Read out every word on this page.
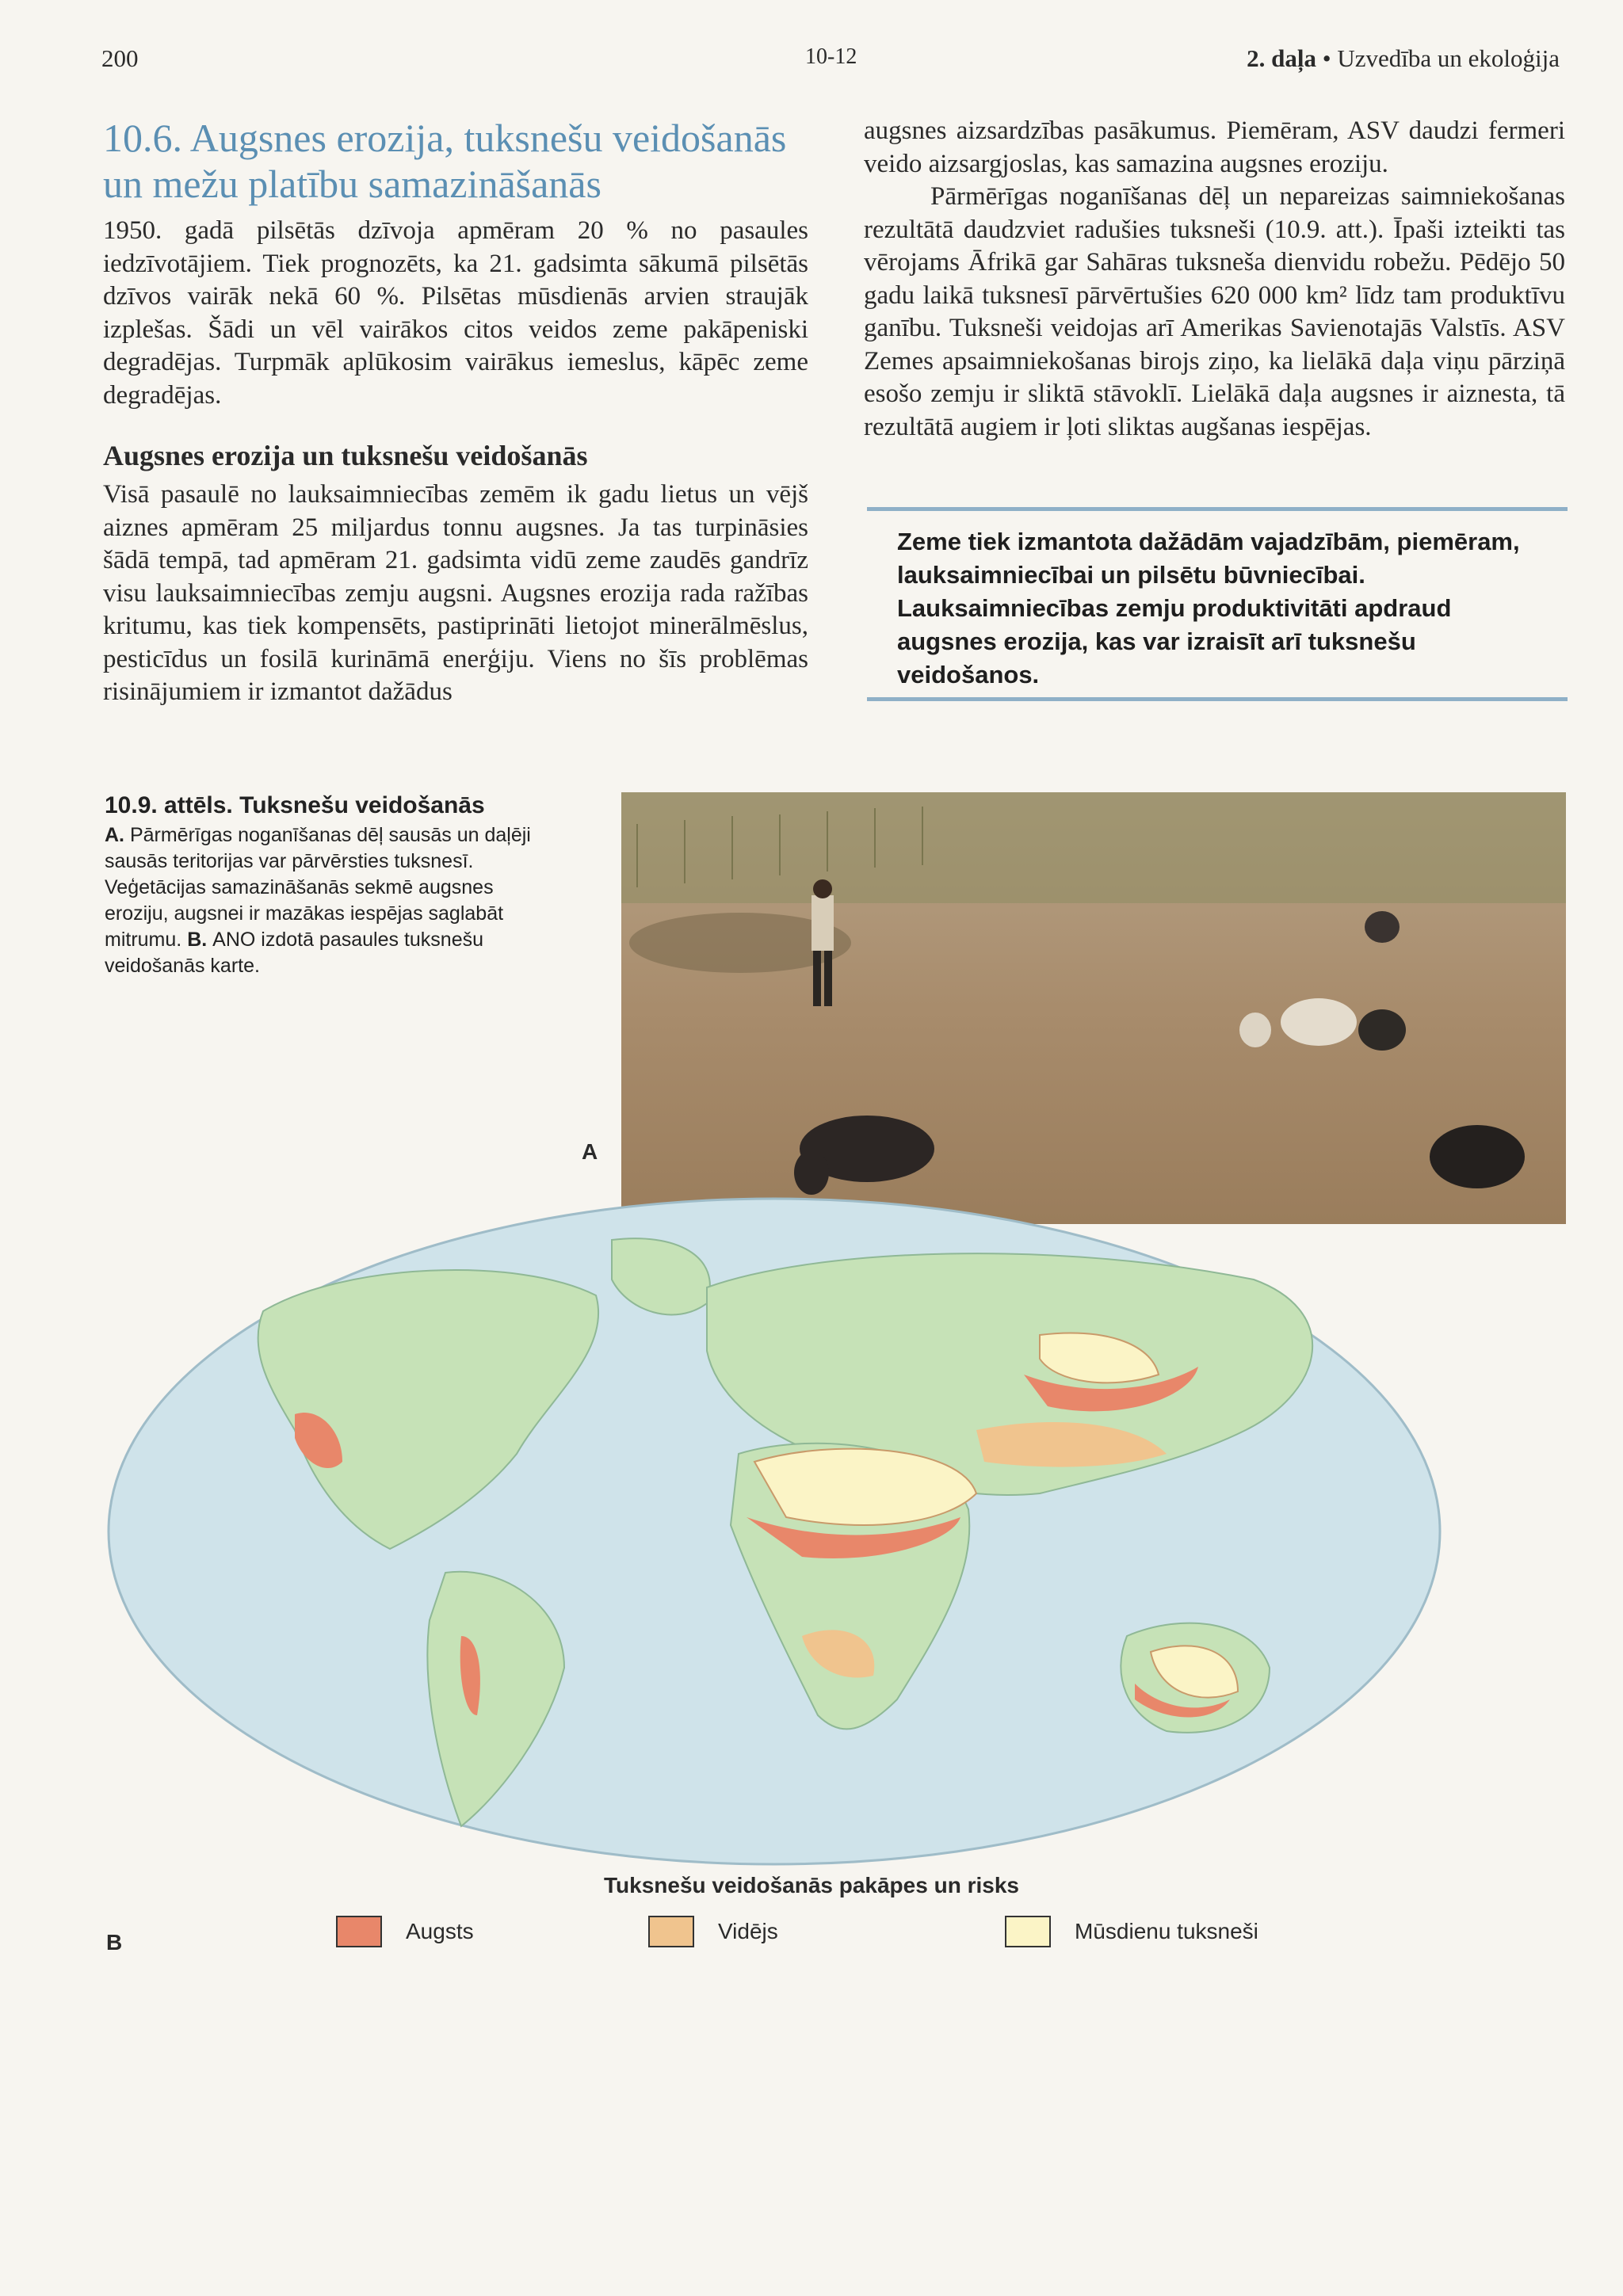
200	10-12	2. daļa • Uzvedība un ekoloģija
10.6. Augsnes erozija, tuksnešu veidošanās un mežu platību samazināšanās

1950. gadā pilsētās dzīvoja apmēram 20 % no pasaules iedzīvotājiem. Tiek prognozēts, ka 21. gadsimta sākumā pilsētās dzīvos vairāk nekā 60 %. Pilsētas mūsdienās arvien straujāk izplešas. Šādi un vēl vairākos citos veidos zeme pakāpeniski degradējas. Turpmāk aplūkosim vairākus iemeslus, kāpēc zeme degradējas.

Augsnes erozija un tuksnešu veidošanās

Visā pasaulē no lauksaimniecības zemēm ik gadu lietus un vējš aiznes apmēram 25 miljardus tonnu augsnes. Ja tas turpināsies šādā tempā, tad apmēram 21. gadsimta vidū zeme zaudēs gandrīz visu lauksaimniecības zemju augsni. Augsnes erozija rada ražības kritumu, kas tiek kompensēts, pastiprināti lietojot minerālmēslus, pesticīdus un fosilā kurināmā enerģiju. Viens no šīs problēmas risinājumiem ir izmantot dažādus

augsnes aizsardzības pasākumus. Piemēram, ASV daudzi fermeri veido aizsargjoslas, kas samazina augsnes eroziju.

Pārmērīgas noganīšanas dēļ un nepareizas saimniekošanas rezultātā daudzviet radušies tuksneši (10.9. att.). Īpaši izteikti tas vērojams Āfrikā gar Sahāras tuksneša dienvidu robežu. Pēdējo 50 gadu laikā tuksnesī pārvērtušies 620 000 km² līdz tam produktīvu ganību. Tuksneši veidojas arī Amerikas Savienotajās Valstīs. ASV Zemes apsaimniekošanas birojs ziņo, ka lielākā daļa viņu pārziņā esošo zemju ir sliktā stāvoklī. Lielākā daļa augsnes ir aiznesta, tā rezultātā augiem ir ļoti sliktas augšanas iespējas.

Zeme tiek izmantota dažādām vajadzībām, piemēram, lauksaimniecībai un pilsētu būvniecībai. Lauksaimniecības zemju produktivitāti apdraud augsnes erozija, kas var izraisīt arī tuksnešu veidošanos.
10.9. attēls. Tuksnešu veidošanās
A. Pārmērīgas noganīšanas dēļ sausās un daļēji sausās teritorijas var pārvērsties tuksnesī. Veģetācijas samazināšanās sekmē augsnes eroziju, augsnei ir mazākas iespējas saglabāt mitrumu. B. ANO izdotā pasaules tuksnešu veidošanās karte.
A
Tuksnešu veidošanās pakāpes un risks
Augsts	Vidējs	Mūsdienu tuksneši
B
